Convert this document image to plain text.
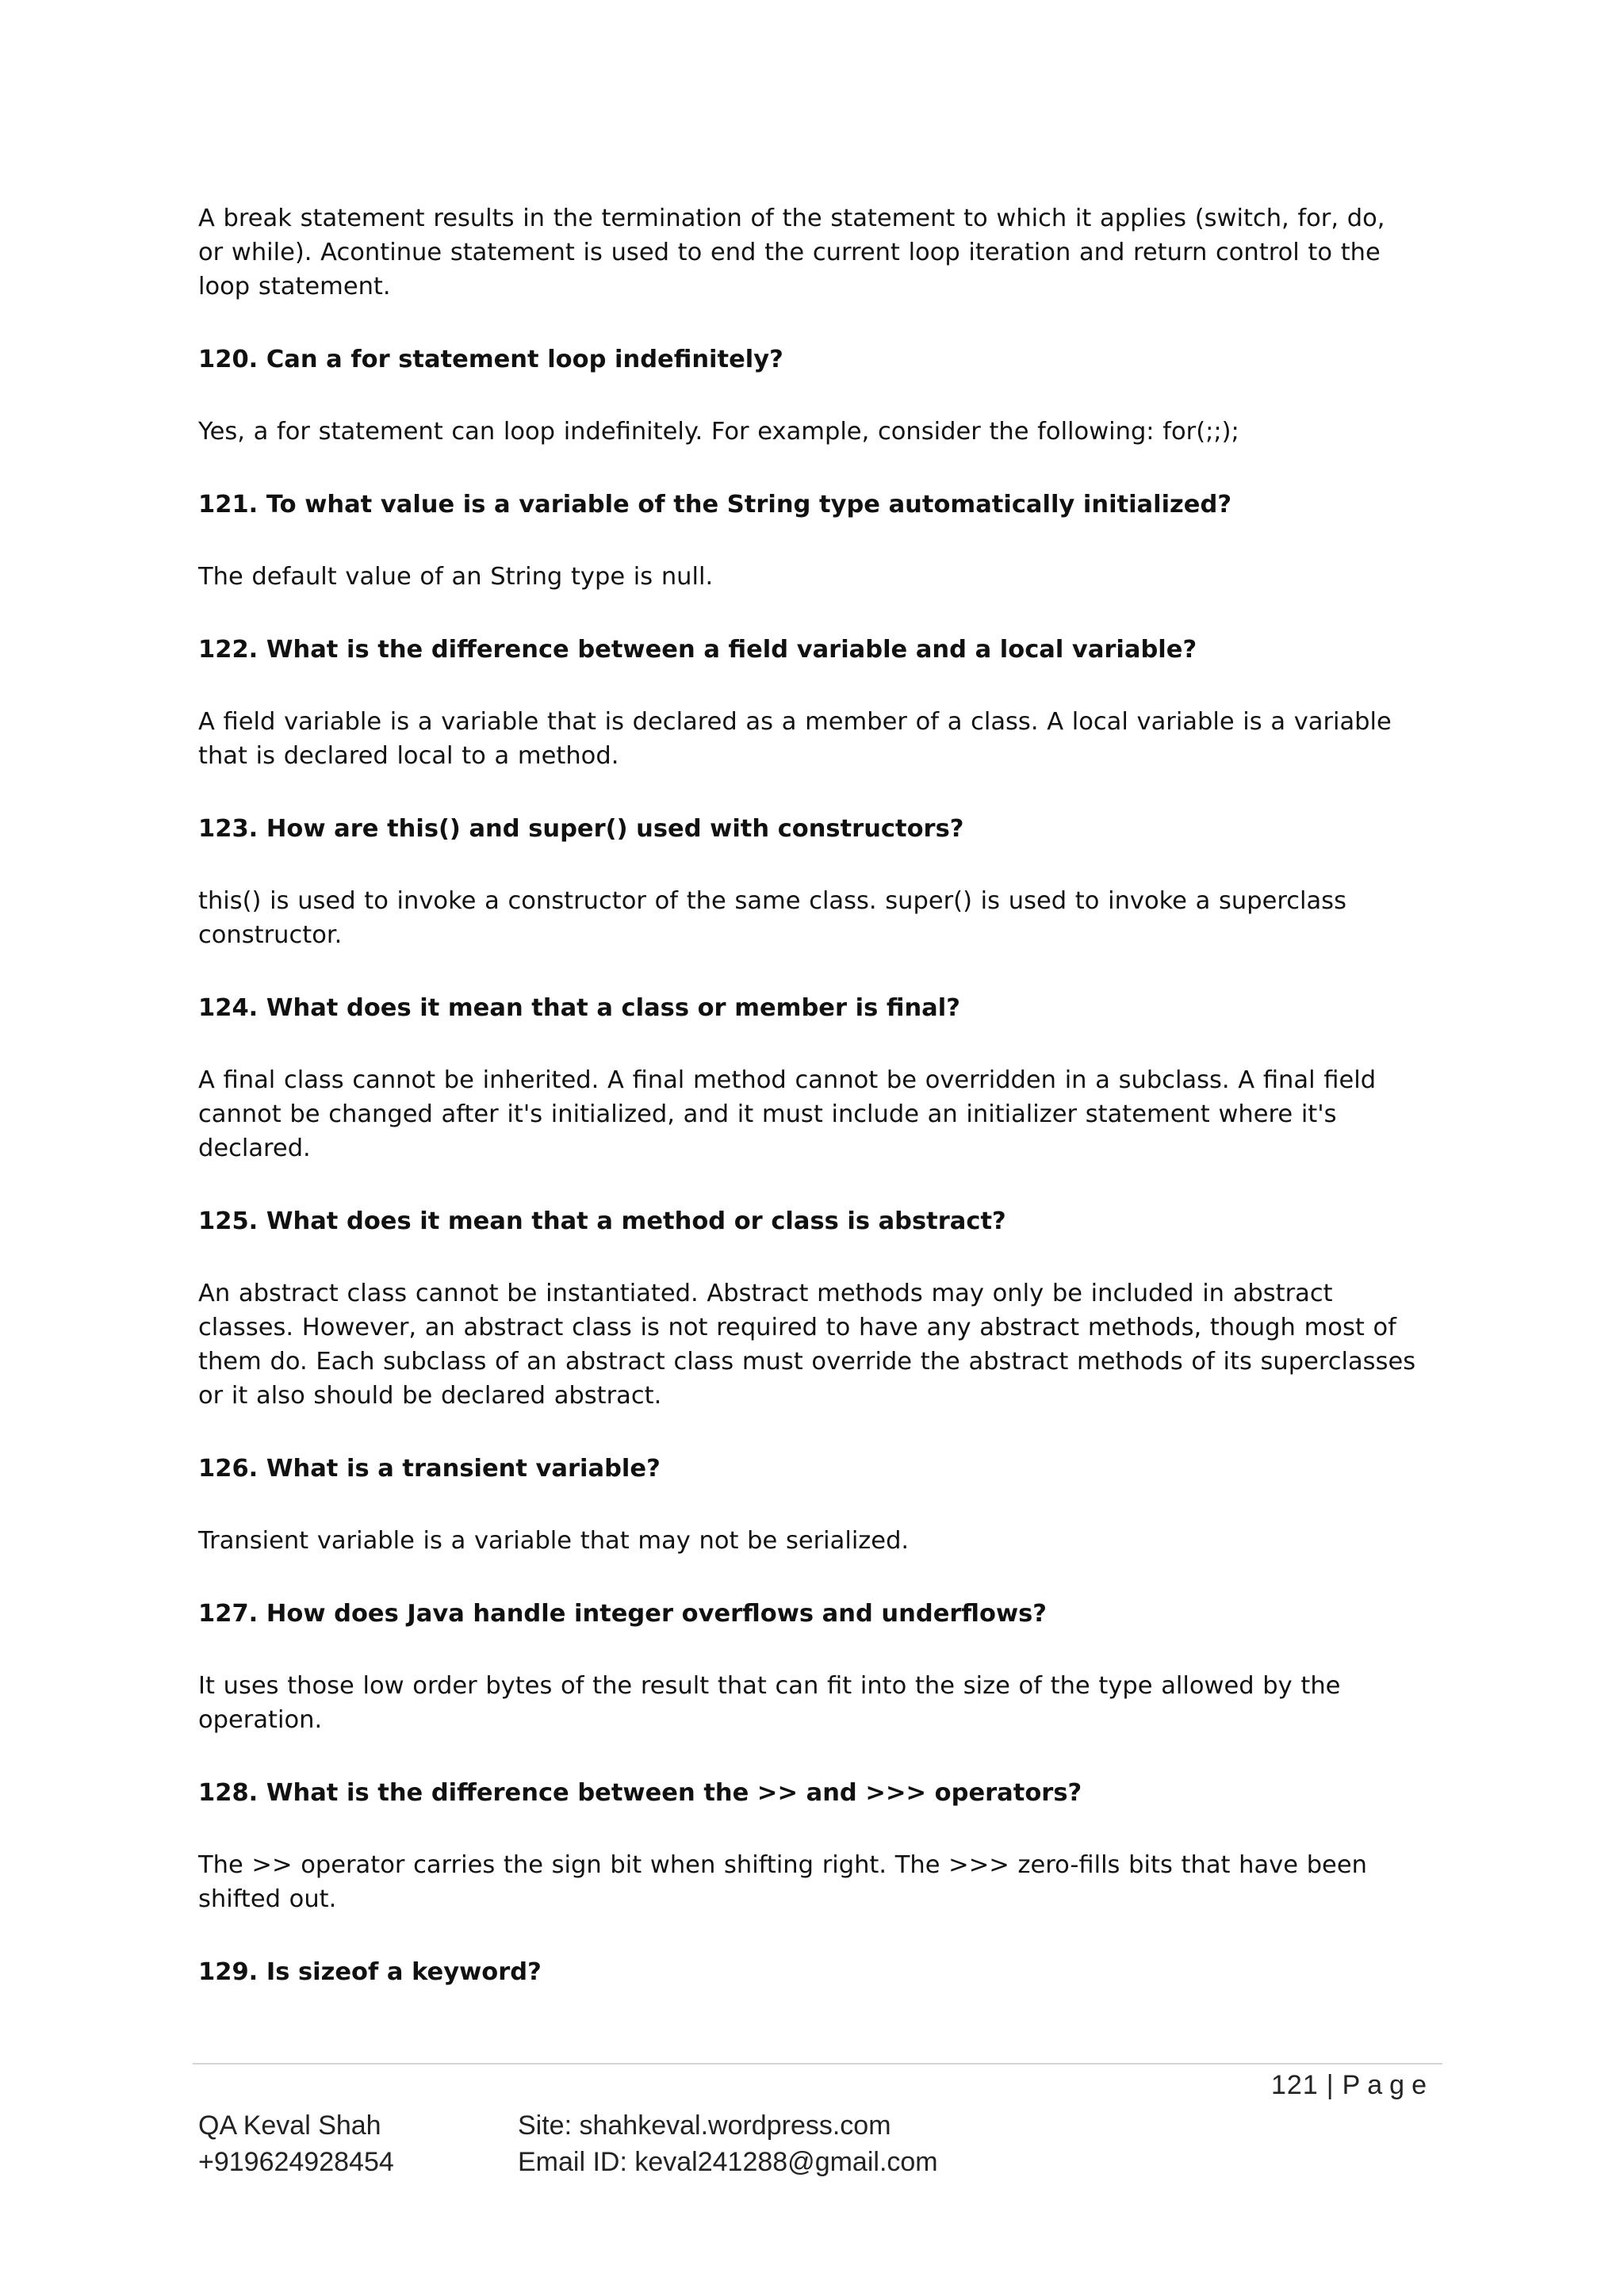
A break statement results in the termination of the statement to which it applies (switch, for, do,

or while). Acontinue statement is used to end the current loop iteration and return control to the

loop statement.

120. Can a for statement loop indefinitely?

Yes, a for statement can loop indefinitely. For example, consider the following: for(;;);

121. To what value is a variable of the String type automatically initialized?

The default value of an String type is null.

122. What is the difference between a field variable and a local variable?

A field variable is a variable that is declared as a member of a class. A local variable is a variable

that is declared local to a method.

123. How are this() and super() used with constructors?

this() is used to invoke a constructor of the same class. super() is used to invoke a superclass

constructor.

124. What does it mean that a class or member is final?

A final class cannot be inherited. A final method cannot be overridden in a subclass. A final field

cannot be changed after it's initialized, and it must include an initializer statement where it's

declared.

125. What does it mean that a method or class is abstract?

An abstract class cannot be instantiated. Abstract methods may only be included in abstract

classes. However, an abstract class is not required to have any abstract methods, though most of

them do. Each subclass of an abstract class must override the abstract methods of its superclasses

or it also should be declared abstract.

126. What is a transient variable?

Transient variable is a variable that may not be serialized.

127. How does Java handle integer overflows and underflows?

It uses those low order bytes of the result that can fit into the size of the type allowed by the

operation.

128. What is the difference between the >> and >>> operators?

The >> operator carries the sign bit when shifting right. The >>> zero-fills bits that have been

shifted out.

129. Is sizeof a keyword?

121 | Page
QA Keval Shah
+919624928454
Site: shahkeval.wordpress.com
Email ID: keval241288@gmail.com
